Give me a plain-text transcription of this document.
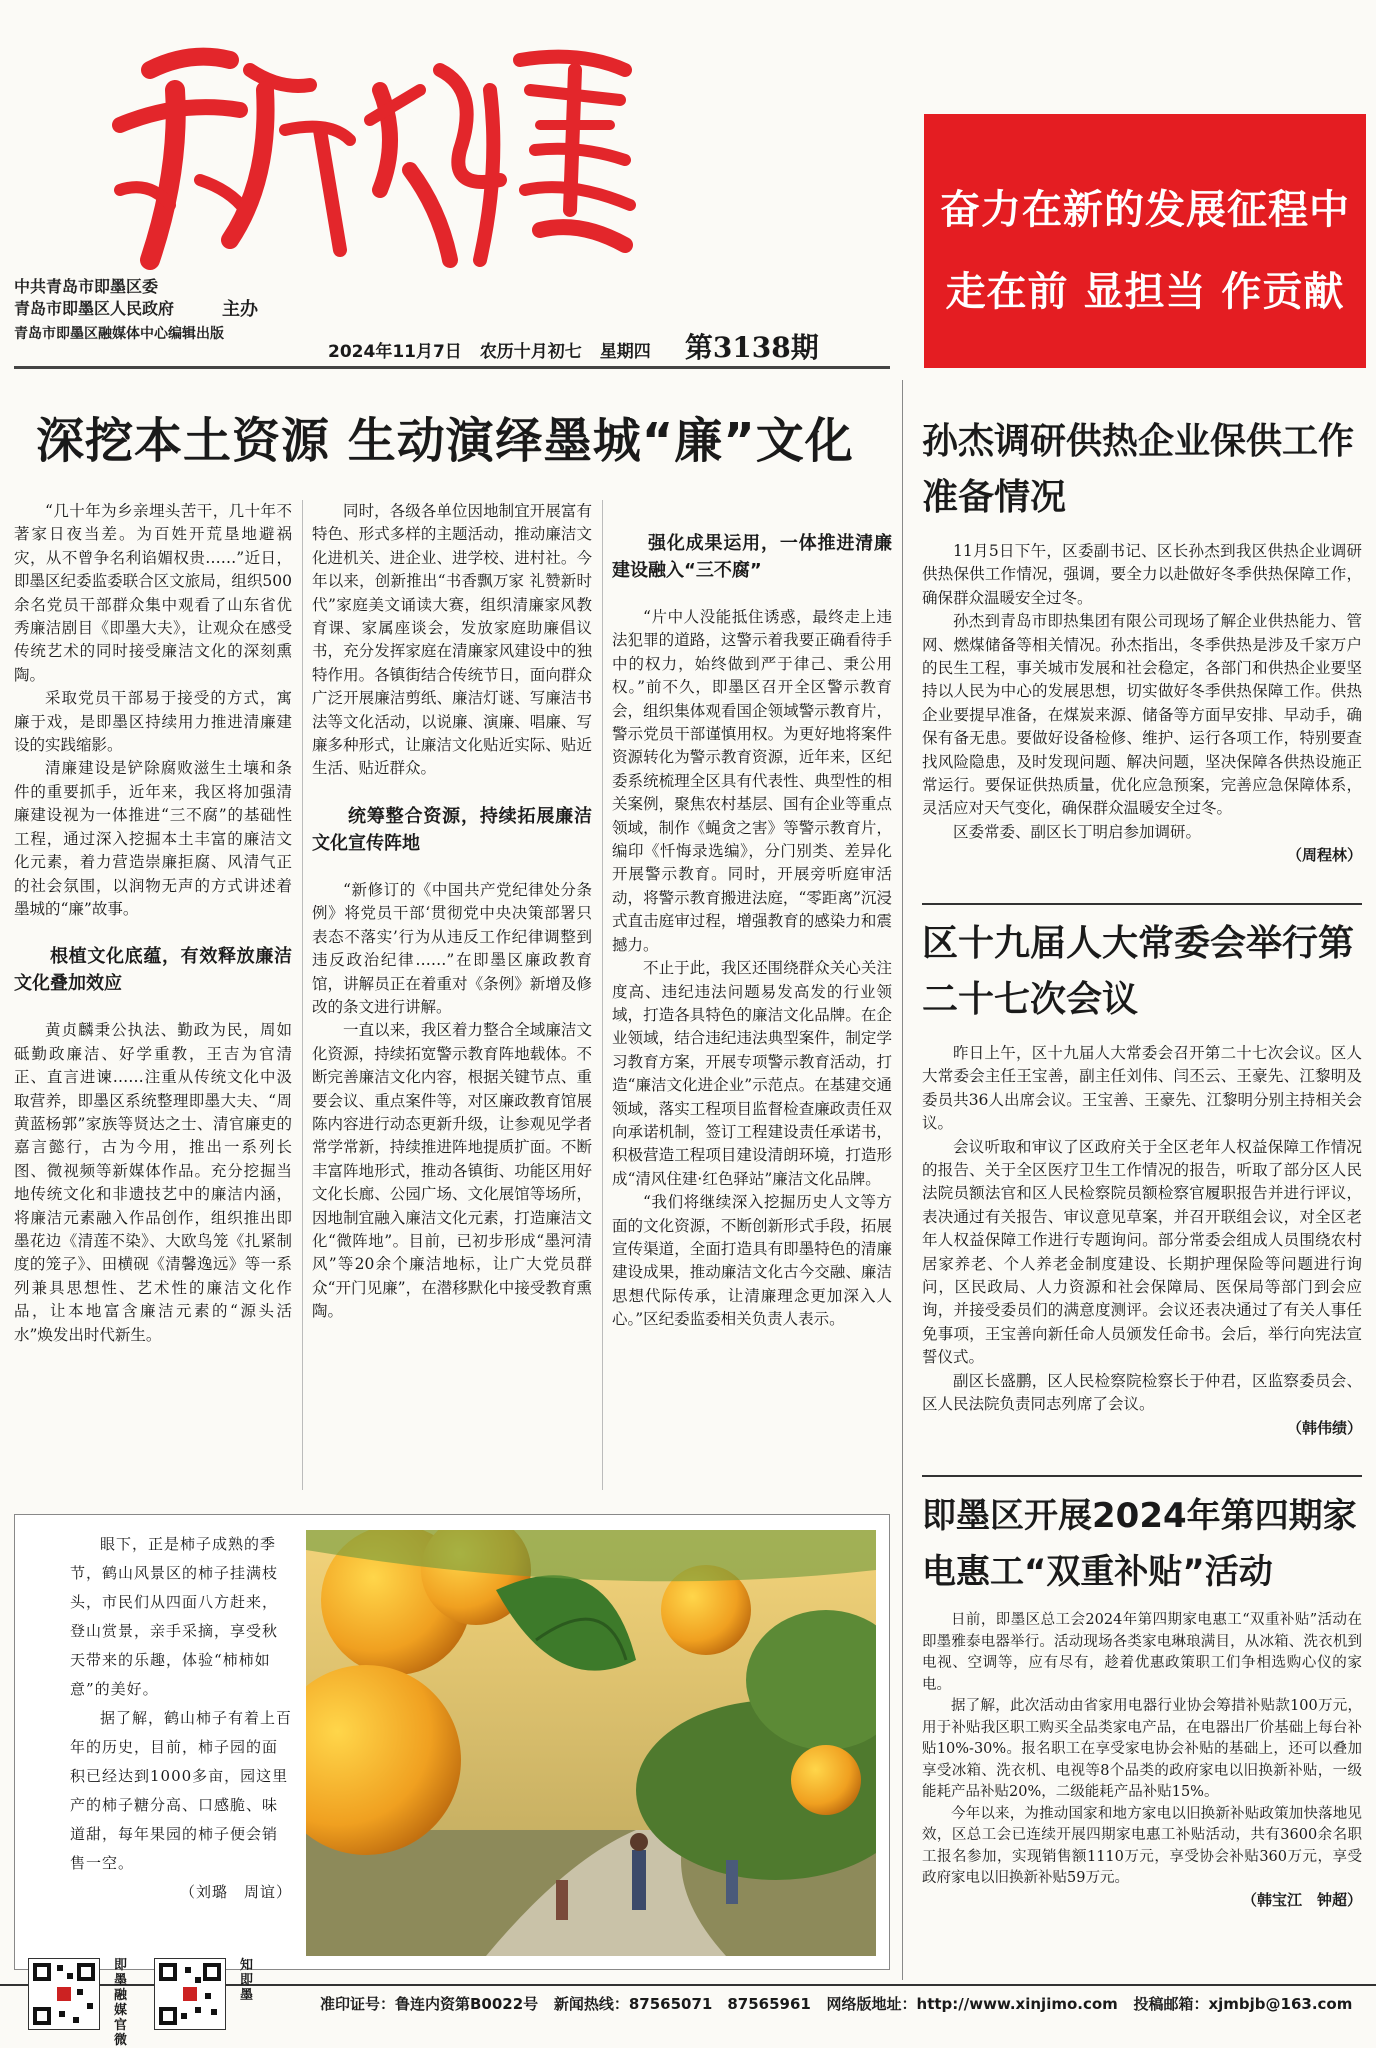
中共青岛市即墨区委
青岛市即墨区人民政府
青岛市即墨区融媒体中心编辑出版
主办
2024年11月7日 农历十月初七 星期四 第3138期
奋力在新的发展征程中
走在前 显担当 作贡献
深挖本土资源 生动演绎墨城“廉”文化

“几十年为乡亲埋头苦干，几十年不著家日夜当差。为百姓开荒垦地避祸灾，从不曾争名利谄媚权贵……”近日，即墨区纪委监委联合区文旅局，组织500余名党员干部群众集中观看了山东省优秀廉洁剧目《即墨大夫》，让观众在感受传统艺术的同时接受廉洁文化的深刻熏陶。

采取党员干部易于接受的方式，寓廉于戏，是即墨区持续用力推进清廉建设的实践缩影。

清廉建设是铲除腐败滋生土壤和条件的重要抓手，近年来，我区将加强清廉建设视为一体推进“三不腐”的基础性工程，通过深入挖掘本土丰富的廉洁文化元素，着力营造崇廉拒腐、风清气正的社会氛围，以润物无声的方式讲述着墨城的“廉”故事。

根植文化底蕴，有效释放廉洁文化叠加效应

黄贞麟秉公执法、勤政为民，周如砥勤政廉洁、好学重教，王吉为官清正、直言进谏……注重从传统文化中汲取营养，即墨区系统整理即墨大夫、“周黄蓝杨郭”家族等贤达之士、清官廉吏的嘉言懿行，古为今用，推出一系列长图、微视频等新媒体作品。充分挖掘当地传统文化和非遗技艺中的廉洁内涵，将廉洁元素融入作品创作，组织推出即墨花边《清莲不染》、大欧鸟笼《扎紧制度的笼子》、田横砚《清馨逸远》等一系列兼具思想性、艺术性的廉洁文化作品，让本地富含廉洁元素的“源头活水”焕发出时代新生。

同时，各级各单位因地制宜开展富有特色、形式多样的主题活动，推动廉洁文化进机关、进企业、进学校、进村社。今年以来，创新推出“书香飘万家 礼赞新时代”家庭美文诵读大赛，组织清廉家风教育课、家属座谈会，发放家庭助廉倡议书，充分发挥家庭在清廉家风建设中的独特作用。各镇街结合传统节日，面向群众广泛开展廉洁剪纸、廉洁灯谜、写廉洁书法等文化活动，以说廉、演廉、唱廉、写廉多种形式，让廉洁文化贴近实际、贴近生活、贴近群众。

统筹整合资源，持续拓展廉洁文化宣传阵地

“新修订的《中国共产党纪律处分条例》将党员干部‘贯彻党中央决策部署只表态不落实’行为从违反工作纪律调整到违反政治纪律……”在即墨区廉政教育馆，讲解员正在着重对《条例》新增及修改的条文进行讲解。

一直以来，我区着力整合全域廉洁文化资源，持续拓宽警示教育阵地载体。不断完善廉洁文化内容，根据关键节点、重要会议、重点案件等，对区廉政教育馆展陈内容进行动态更新升级，让参观见学者常学常新，持续推进阵地提质扩面。不断丰富阵地形式，推动各镇街、功能区用好文化长廊、公园广场、文化展馆等场所，因地制宜融入廉洁文化元素，打造廉洁文化“微阵地”。目前，已初步形成“墨河清风”等20余个廉洁地标，让广大党员群众“开门见廉”，在潜移默化中接受教育熏陶。

强化成果运用，一体推进清廉建设融入“三不腐”

“片中人没能抵住诱惑，最终走上违法犯罪的道路，这警示着我要正确看待手中的权力，始终做到严于律己、秉公用权。”前不久，即墨区召开全区警示教育会，组织集体观看国企领域警示教育片，警示党员干部谨慎用权。为更好地将案件资源转化为警示教育资源，近年来，区纪委系统梳理全区具有代表性、典型性的相关案例，聚焦农村基层、国有企业等重点领域，制作《蝇贪之害》等警示教育片，编印《忏悔录选编》，分门别类、差异化开展警示教育。同时，开展旁听庭审活动，将警示教育搬进法庭，“零距离”沉浸式直击庭审过程，增强教育的感染力和震撼力。

不止于此，我区还围绕群众关心关注度高、违纪违法问题易发高发的行业领域，打造各具特色的廉洁文化品牌。在企业领域，结合违纪违法典型案件，制定学习教育方案，开展专项警示教育活动，打造“廉洁文化进企业”示范点。在基建交通领域，落实工程项目监督检查廉政责任双向承诺机制，签订工程建设责任承诺书，积极营造工程项目建设清朗环境，打造形成“清风住建·红色驿站”廉洁文化品牌。

“我们将继续深入挖掘历史人文等方面的文化资源，不断创新形式手段，拓展宣传渠道，全面打造具有即墨特色的清廉建设成果，推动廉洁文化古今交融、廉洁思想代际传承，让清廉理念更加深入人心。”区纪委监委相关负责人表示。

眼下，正是柿子成熟的季节，鹤山风景区的柿子挂满枝头，市民们从四面八方赶来，登山赏景，亲手采摘，享受秋天带来的乐趣，体验“柿柿如意”的美好。

据了解，鹤山柿子有着上百年的历史，目前，柿子园的面积已经达到1000多亩，园这里产的柿子糖分高、口感脆、味道甜，每年果园的柿子便会销售一空。

（刘璐　周谊）
孙杰调研供热企业保供工作准备情况

11月5日下午，区委副书记、区长孙杰到我区供热企业调研供热保供工作情况，强调，要全力以赴做好冬季供热保障工作，确保群众温暖安全过冬。

孙杰到青岛市即热集团有限公司现场了解企业供热能力、管网、燃煤储备等相关情况。孙杰指出，冬季供热是涉及千家万户的民生工程，事关城市发展和社会稳定，各部门和供热企业要坚持以人民为中心的发展思想，切实做好冬季供热保障工作。供热企业要提早准备，在煤炭来源、储备等方面早安排、早动手，确保有备无患。要做好设备检修、维护、运行各项工作，特别要查找风险隐患，及时发现问题、解决问题，坚决保障各供热设施正常运行。要保证供热质量，优化应急预案，完善应急保障体系，灵活应对天气变化，确保群众温暖安全过冬。

区委常委、副区长丁明启参加调研。

（周程林）
区十九届人大常委会举行第二十七次会议

昨日上午，区十九届人大常委会召开第二十七次会议。区人大常委会主任王宝善，副主任刘伟、闫丕云、王豪先、江黎明及委员共36人出席会议。王宝善、王豪先、江黎明分别主持相关会议。

会议听取和审议了区政府关于全区老年人权益保障工作情况的报告、关于全区医疗卫生工作情况的报告，听取了部分区人民法院员额法官和区人民检察院员额检察官履职报告并进行评议，表决通过有关报告、审议意见草案，并召开联组会议，对全区老年人权益保障工作进行专题询问。部分常委会组成人员围绕农村居家养老、个人养老金制度建设、长期护理保险等问题进行询问，区民政局、人力资源和社会保障局、医保局等部门到会应询，并接受委员们的满意度测评。会议还表决通过了有关人事任免事项，王宝善向新任命人员颁发任命书。会后，举行向宪法宣誓仪式。

副区长盛鹏，区人民检察院检察长于仲君，区监察委员会、区人民法院负责同志列席了会议。

（韩伟绩）
即墨区开展2024年第四期家电惠工“双重补贴”活动

日前，即墨区总工会2024年第四期家电惠工“双重补贴”活动在即墨雅泰电器举行。活动现场各类家电琳琅满目，从冰箱、洗衣机到电视、空调等，应有尽有，趁着优惠政策职工们争相选购心仪的家电。

据了解，此次活动由省家用电器行业协会筹措补贴款100万元，用于补贴我区职工购买全品类家电产品，在电器出厂价基础上每台补贴10%-30%。报名职工在享受家电协会补贴的基础上，还可以叠加享受冰箱、洗衣机、电视等8个品类的政府家电以旧换新补贴，一级能耗产品补贴20%，二级能耗产品补贴15%。

今年以来，为推动国家和地方家电以旧换新补贴政策加快落地见效，区总工会已连续开展四期家电惠工补贴活动，共有3600余名职工报名参加，实现销售额1110万元，享受协会补贴360万元，享受政府家电以旧换新补贴59万元。

（韩宝江　钟超）
即墨融媒官微
知即墨	准印证号：鲁连内资第B0022号 新闻热线：87565071　87565961 网络版地址：http://www.xinjimo.com 投稿邮箱：xjmbjb@163.com
